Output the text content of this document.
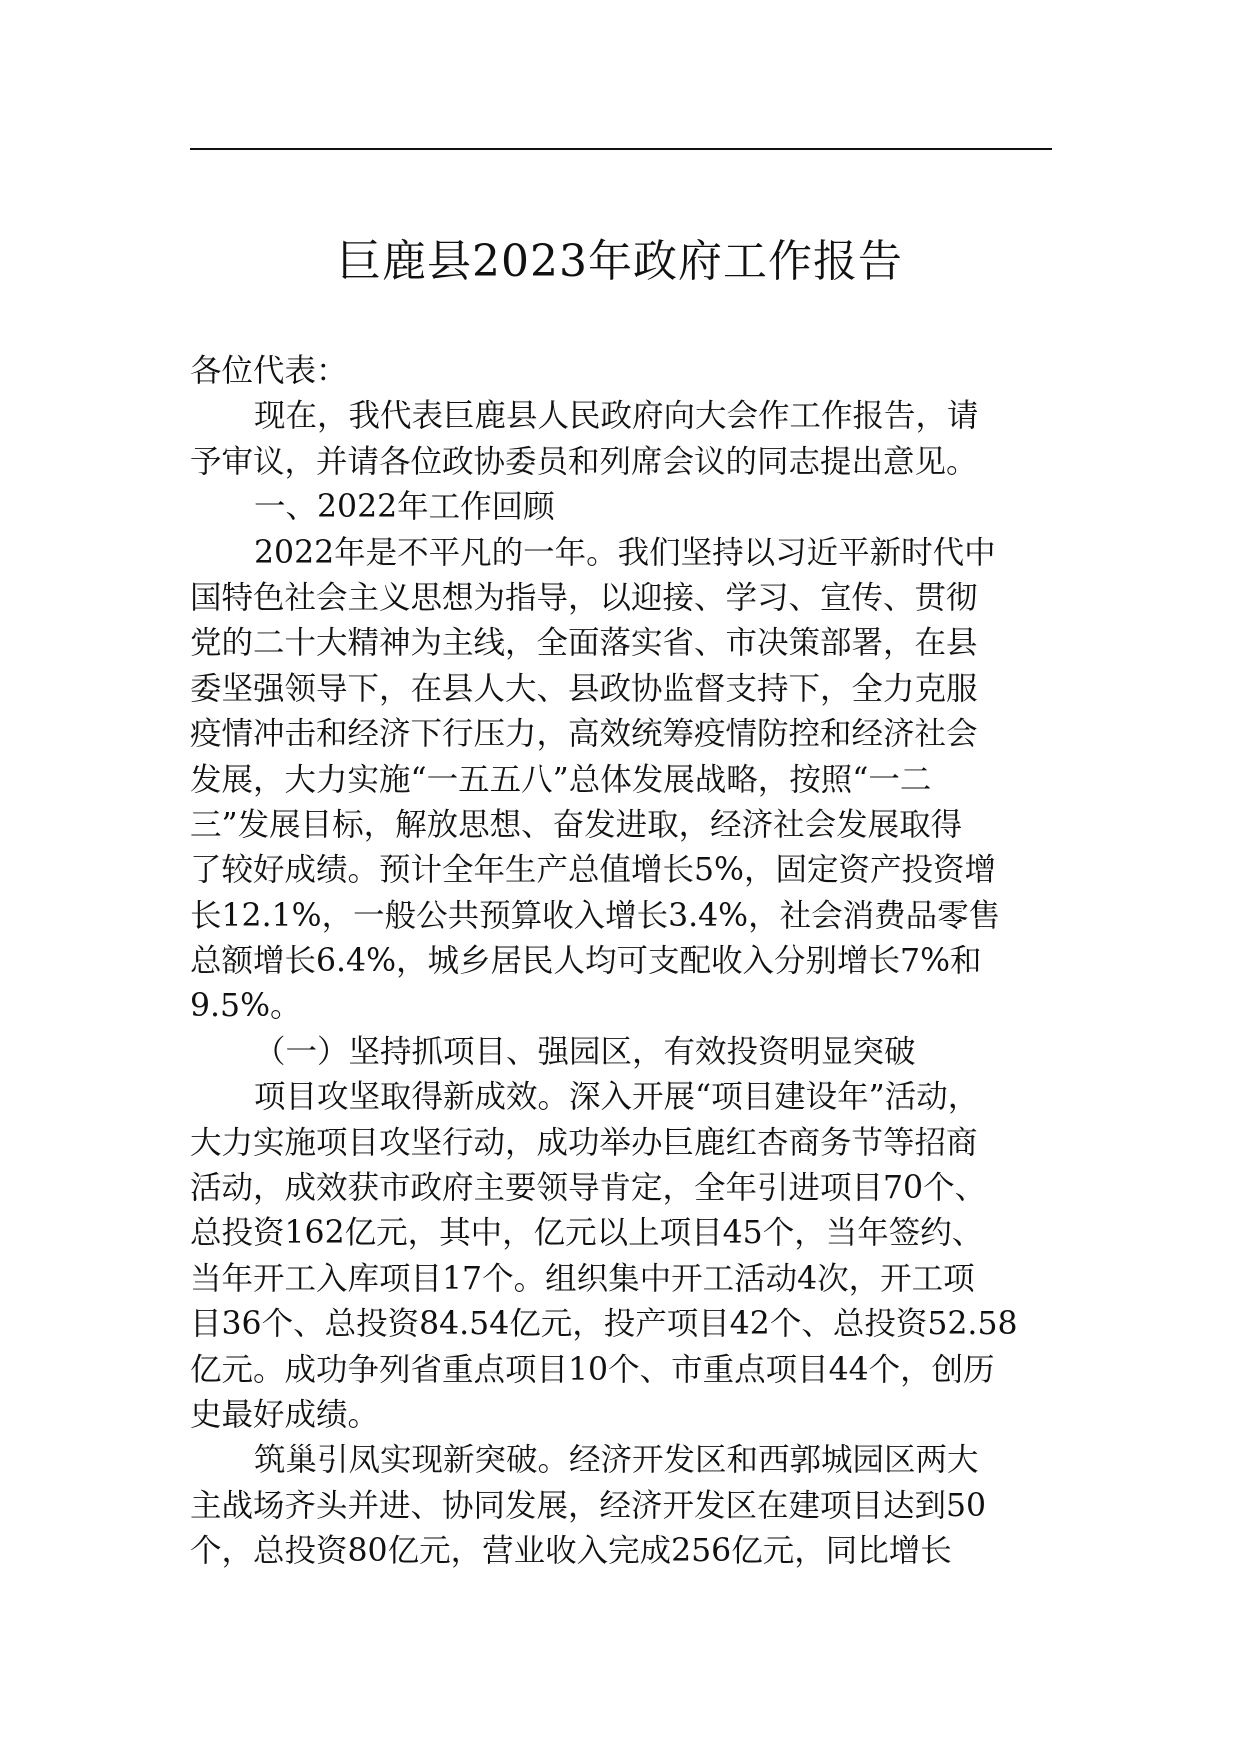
巨鹿县2023年政府工作报告
各位代表：
现在，我代表巨鹿县人民政府向大会作工作报告，请
予审议，并请各位政协委员和列席会议的同志提出意见。
一、2022年工作回顾
2022年是不平凡的一年。我们坚持以习近平新时代中
国特色社会主义思想为指导，以迎接、学习、宣传、贯彻
党的二十大精神为主线，全面落实省、市决策部署，在县
委坚强领导下，在县人大、县政协监督支持下，全力克服
疫情冲击和经济下行压力，高效统筹疫情防控和经济社会
发展，大力实施“一五五八”总体发展战略，按照“一二
三”发展目标，解放思想、奋发进取，经济社会发展取得
了较好成绩。预计全年生产总值增长5%，固定资产投资增
长12.1%，一般公共预算收入增长3.4%，社会消费品零售
总额增长6.4%，城乡居民人均可支配收入分别增长7%和
9.5%。
（一）坚持抓项目、强园区，有效投资明显突破
项目攻坚取得新成效。深入开展“项目建设年”活动，
大力实施项目攻坚行动，成功举办巨鹿红杏商务节等招商
活动，成效获市政府主要领导肯定，全年引进项目70个、
总投资162亿元，其中，亿元以上项目45个，当年签约、
当年开工入库项目17个。组织集中开工活动4次，开工项
目36个、总投资84.54亿元，投产项目42个、总投资52.58
亿元。成功争列省重点项目10个、市重点项目44个，创历
史最好成绩。
筑巢引凤实现新突破。经济开发区和西郭城园区两大
主战场齐头并进、协同发展，经济开发区在建项目达到50
个，总投资80亿元，营业收入完成256亿元，同比增长
